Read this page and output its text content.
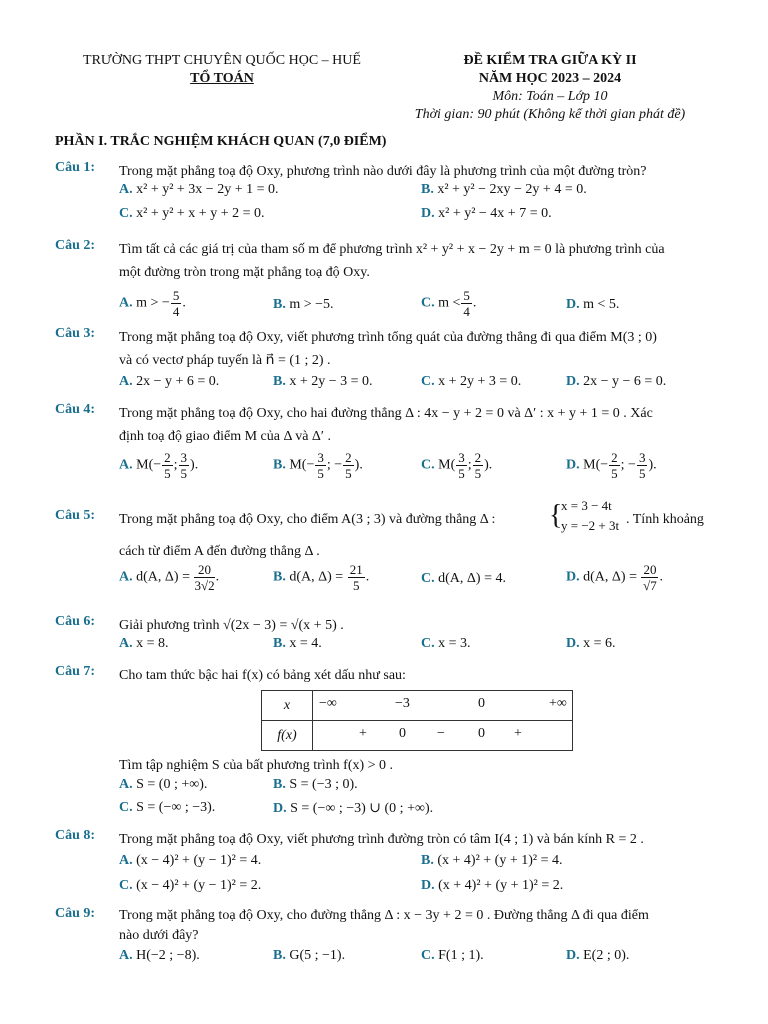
TRƯỜNG THPT CHUYÊN QUỐC HỌC – HUẾ
TỔ TOÁN
ĐỀ KIỂM TRA GIỮA KỲ II
NĂM HỌC 2023 – 2024
Môn: Toán – Lớp 10
Thời gian: 90 phút (Không kể thời gian phát đề)
PHẦN I. TRẮC NGHIỆM KHÁCH QUAN (7,0 ĐIỂM)
Câu 1: Trong mặt phẳng toạ độ Oxy, phương trình nào dưới đây là phương trình của một đường tròn?
A. x² + y² + 3x − 2y + 1 = 0.	B. x² + y² − 2xy − 2y + 4 = 0.
C. x² + y² + x + y + 2 = 0.	D. x² + y² − 4x + 7 = 0.
Câu 2: Tìm tất cả các giá trị của tham số m để phương trình x² + y² + x − 2y + m = 0 là phương trình của
một đường tròn trong mặt phẳng toạ độ Oxy.
A. m > − $\frac{5}{4}$ .	B. m > −5.	C. $m < \frac{5}{4}$ .	D. m < 5.
Câu 3: Trong mặt phẳng toạ độ Oxy, viết phương trình tổng quát của đường thẳng đi qua điểm M(3 ; 0)
và có vectơ pháp tuyến là n⃗ = (1 ; 2) .
A. 2x − y + 6 = 0.	B. x + 2y − 3 = 0.	C. x + 2y + 3 = 0.	D. 2x − y − 6 = 0.
Câu 4: Trong mặt phẳng toạ độ Oxy, cho hai đường thẳng Δ : 4x − y + 2 = 0 và Δ′ : x + y + 1 = 0 . Xác
định toạ độ giao điểm M của Δ và Δ′ .
A. $M(- \frac{2}{5}$ ; $\frac{3}{5}$ ).	B. $M(- \frac{3}{5}$ ; − $\frac{2}{5}$ ).	C. $M( \frac{3}{5}$ ; $\frac{2}{5}$ ).	D. $M(- \frac{2}{5}$ ; − $\frac{3}{5}$ ).
Câu 5: Trong mặt phẳng toạ độ Oxy, cho điểm A(3 ; 3) và đường thẳng Δ : {
x = 3 − 4t
y = −2 + 3t . Tính khoảng
cách từ điểm A đến đường thẳng Δ .
A. d(A, $\Delta) = \frac{20}{3√2}$ .	B. d(A, $\Delta) = \frac{21}{5}$ .	C. d(A, Δ) = 4.	D. d(A, $\Delta) = \frac{20}{√7}$ .
Câu 6: Giải phương trình √(2x − 3) = √(x + 5) .
A. x = 8.	B. x = 4.	C. x = 3.	D. x = 6.
Câu 7: Cho tam thức bậc hai f(x) có bảng xét dấu như sau:
x	−∞ −3 0 +∞

f(x)	+ 0 − 0 +
Tìm tập nghiệm S của bất phương trình f(x) > 0 .
A. S = (0 ; +∞).	B. S = (−3 ; 0).
C. S = (−∞ ; −3).	D. S = (−∞ ; −3) ∪ (0 ; +∞).
Câu 8: Trong mặt phẳng toạ độ Oxy, viết phương trình đường tròn có tâm I(4 ; 1) và bán kính R = 2 .
A. (x − 4)² + (y − 1)² = 4.	B. (x + 4)² + (y + 1)² = 4.
C. (x − 4)² + (y − 1)² = 2.	D. (x + 4)² + (y + 1)² = 2.
Câu 9: Trong mặt phẳng toạ độ Oxy, cho đường thẳng Δ : x − 3y + 2 = 0 . Đường thẳng Δ đi qua điểm
nào dưới đây?
A. H(−2 ; −8).	B. G(5 ; −1).	C. F(1 ; 1).	D. E(2 ; 0).
